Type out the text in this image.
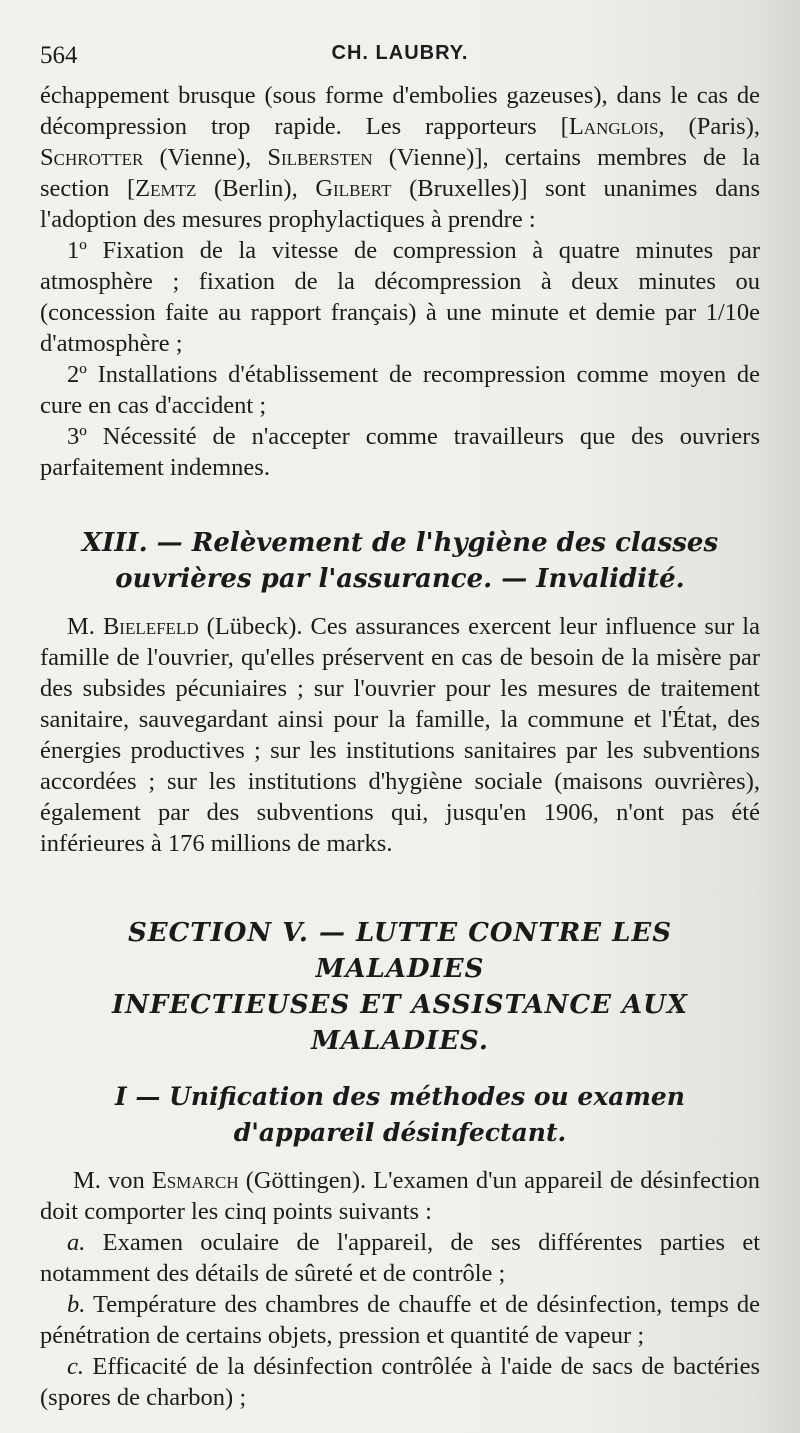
564	CH. LAUBRY.

échappement brusque (sous forme d'embolies gazeuses), dans le cas de décompression trop rapide. Les rapporteurs [Langlois, (Paris), Schrotter (Vienne), Silbersten (Vienne)], certains membres de la section [Zemtz (Berlin), Gilbert (Bruxelles)] sont unanimes dans l'adoption des mesures prophylactiques à prendre :

1º Fixation de la vitesse de compression à quatre minutes par atmosphère ; fixation de la décompression à deux minutes ou (concession faite au rapport français) à une minute et demie par 1/10e d'atmosphère ;

2º Installations d'établissement de recompression comme moyen de cure en cas d'accident ;

3º Nécessité de n'accepter comme travailleurs que des ouvriers parfaitement indemnes.

XIII. — Relèvement de l'hygiène des classes
ouvrières par l'assurance. — Invalidité.

M. Bielefeld (Lübeck). Ces assurances exercent leur influence sur la famille de l'ouvrier, qu'elles préservent en cas de besoin de la misère par des subsides pécuniaires ; sur l'ouvrier pour les mesures de traitement sanitaire, sauvegardant ainsi pour la famille, la commune et l'État, des énergies productives ; sur les institutions sanitaires par les subventions accordées ; sur les institutions d'hygiène sociale (maisons ouvrières), également par des subventions qui, jusqu'en 1906, n'ont pas été inférieures à 176 millions de marks.

SECTION V. — LUTTE CONTRE LES MALADIES
INFECTIEUSES ET ASSISTANCE AUX
MALADIES.
I — Unification des méthodes ou examen
d'appareil désinfectant.

M. von Esmarch (Göttingen). L'examen d'un appareil de désinfection doit comporter les cinq points suivants :

a. Examen oculaire de l'appareil, de ses différentes parties et notamment des détails de sûreté et de contrôle ;

b. Température des chambres de chauffe et de désinfection, temps de pénétration de certains objets, pression et quantité de vapeur ;

c. Efficacité de la désinfection contrôlée à l'aide de sacs de bactéries (spores de charbon) ;
